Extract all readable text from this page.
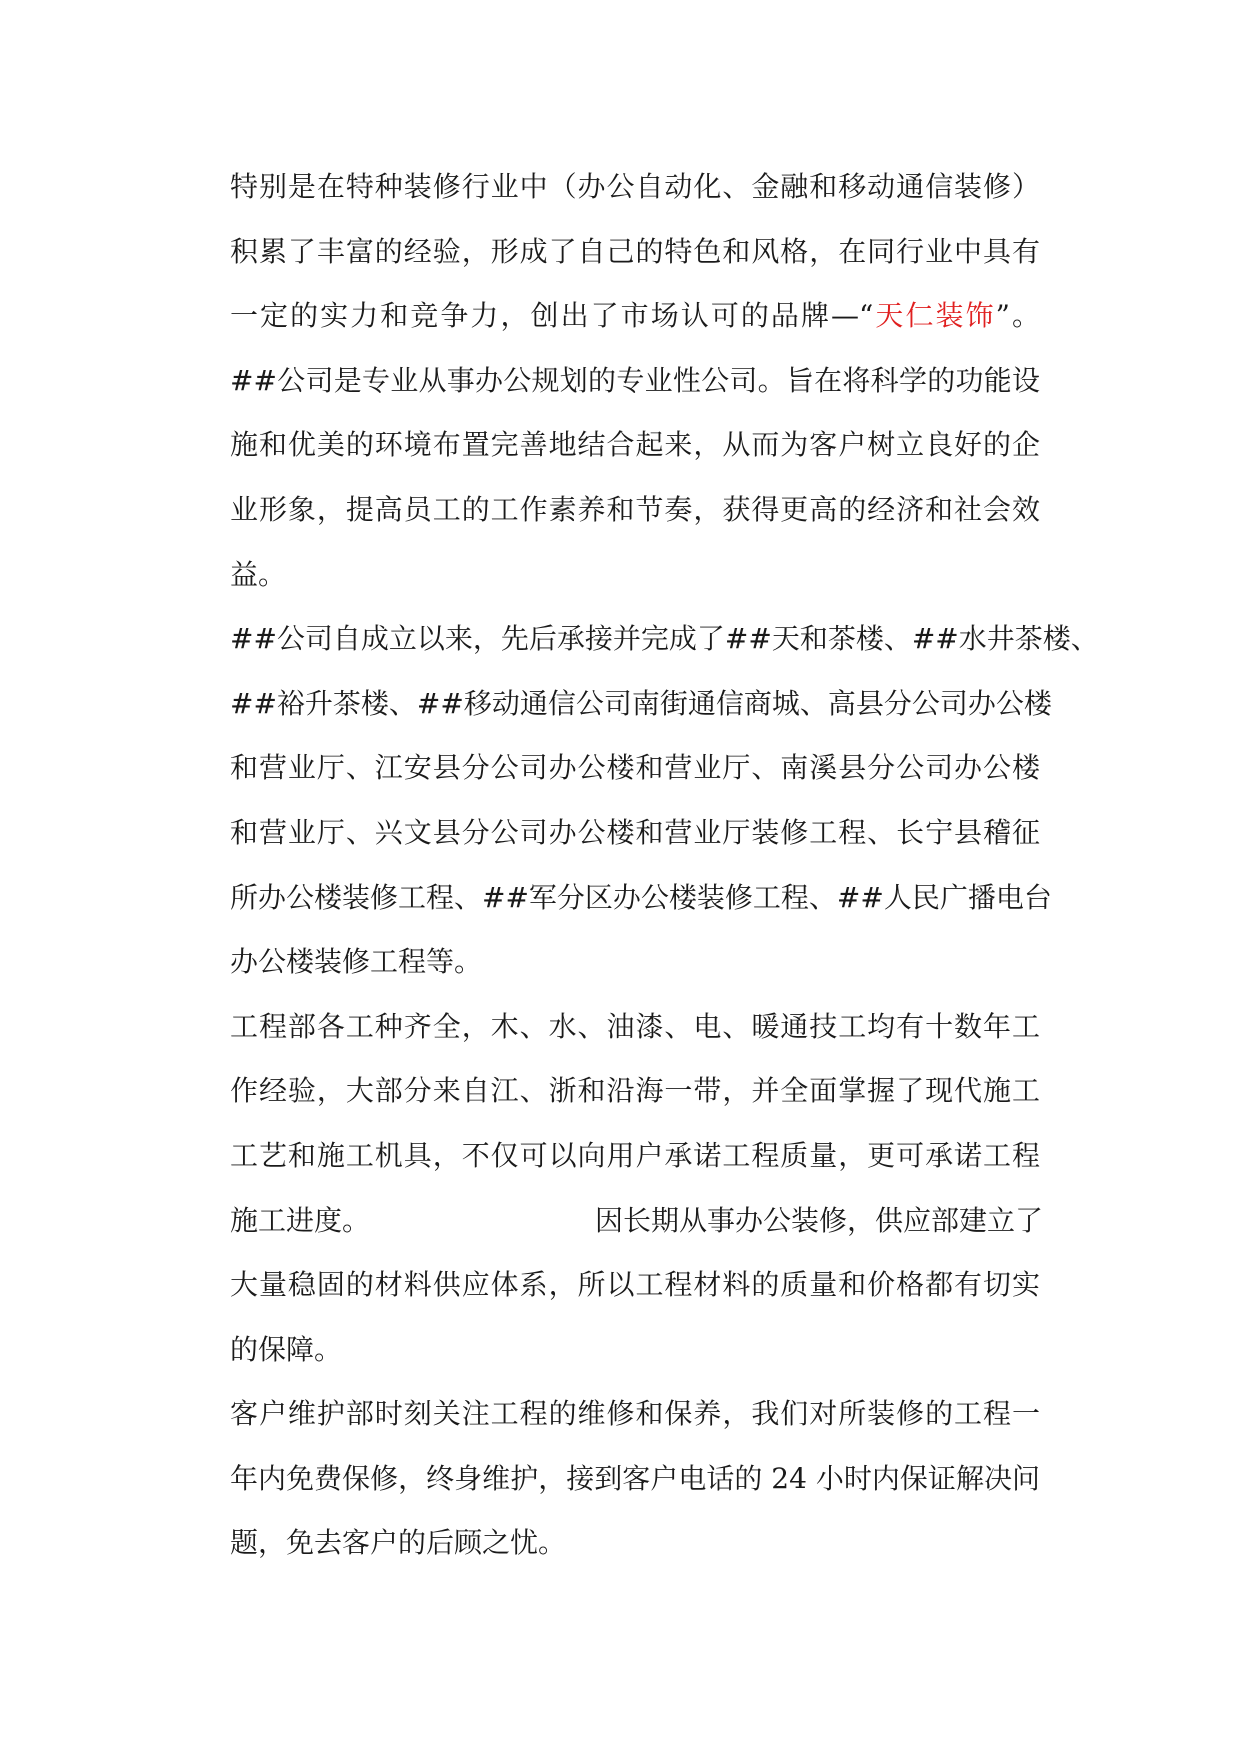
特别是在特种装修行业中（办公自动化、金融和移动通信装修）
积累了丰富的经验，形成了自己的特色和风格，在同行业中具有
一定的实力和竞争力，创出了市场认可的品牌—“天仁装饰”。
##公司是专业从事办公规划的专业性公司。旨在将科学的功能设
施和优美的环境布置完善地结合起来，从而为客户树立良好的企
业形象，提高员工的工作素养和节奏，获得更高的经济和社会效
益。
##公司自成立以来，先后承接并完成了##天和茶楼、##水井茶楼、
##裕升茶楼、##移动通信公司南街通信商城、高县分公司办公楼
和营业厅、江安县分公司办公楼和营业厅、南溪县分公司办公楼
和营业厅、兴文县分公司办公楼和营业厅装修工程、长宁县稽征
所办公楼装修工程、##军分区办公楼装修工程、##人民广播电台
办公楼装修工程等。
工程部各工种齐全，木、水、油漆、电、暖通技工均有十数年工
作经验，大部分来自江、浙和沿海一带，并全面掌握了现代施工
工艺和施工机具，不仅可以向用户承诺工程质量，更可承诺工程
施工进度。	因长期从事办公装修，供应部建立了
大量稳固的材料供应体系，所以工程材料的质量和价格都有切实
的保障。
客户维护部时刻关注工程的维修和保养，我们对所装修的工程一
年内免费保修，终身维护，接到客户电话的 24 小时内保证解决问
题，免去客户的后顾之忧。
